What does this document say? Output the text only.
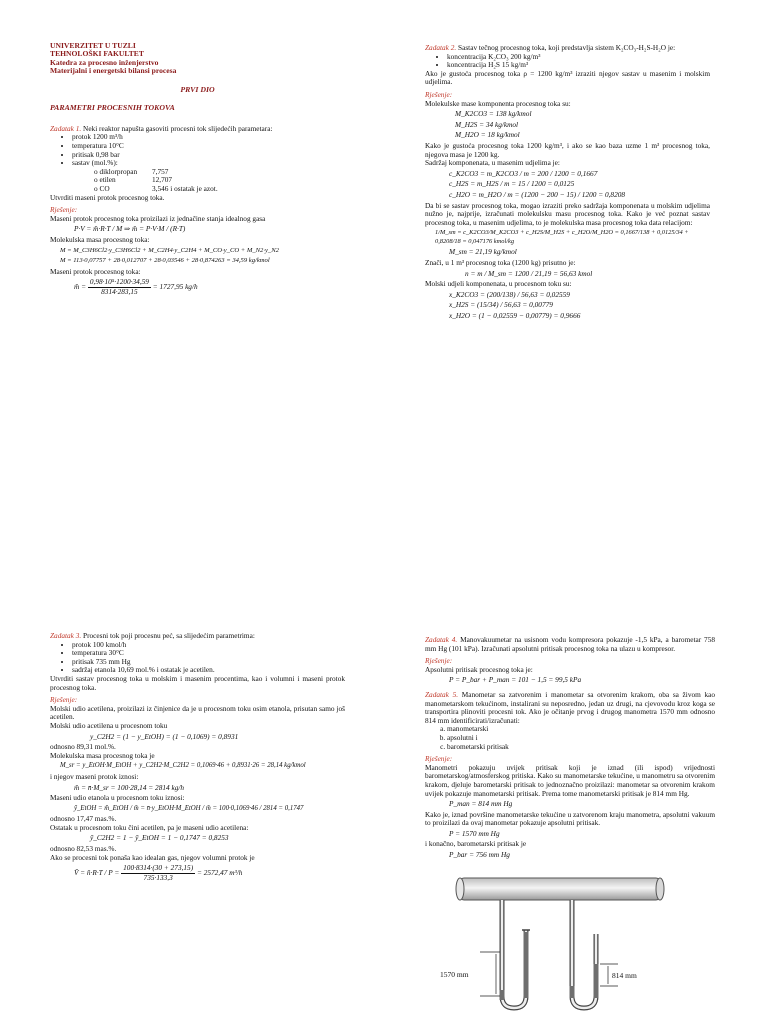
UNIVERZITET U TUZLI
TEHNOLOŠKI FAKULTET
Katedra za procesno inženjerstvo
Materijalni i energetski bilansi procesa
PRVI DIO
PARAMETRI PROCESNIH TOKOVA
Zadatak 1. Neki reaktor napušta gasoviti procesni tok slijedećih parametara:
• protok 1200 m³/h
• temperatura 10°C
• pritisak 0,98 bar
• sastav (mol.%):
o diklorpropan	7,757
o etilen	12,707
o CO	3,546 i ostatak je azot.
Utvrditi maseni protok procesnog toka.
Rješenje:
Maseni protok procesnog toka proizilazi iz jednačine stanja idealnog gasa
P·V = m̄·R·T / M ⇒ m̄ = P·V·M / (R·T)
Molekulska masa procesnog toka:
M = M_C3H6Cl2·y_C3H6Cl2 + M_C2H4·y_C2H4 + M_CO·y_CO + M_N2·y_N2
M = 113·0,07757 + 28·0,012707 + 28·0,03546 + 28·0,874263 = 34,59 kg/kmol
Maseni protok procesnog toka:
m̄ = $\frac{\text{0,98·10⁵·1200·34,59}}{8314\cdot 283,15} = 1727,95$ kg/h
Zadatak 2. Sastav tečnog procesnog toka, koji predstavlja sistem K₂CO₃-H₂S-H₂O je:
• koncentracija K₂CO₃ 200 kg/m³
• koncentracija H₂S 15 kg/m³
Ako je gustoća procesnog toka ρ = 1200 kg/m³ izraziti njegov sastav u masenim i molskim udjelima.
Rješenje:
Molekulske mase komponenta procesnog toka su:
M_K2CO3 = 138 kg/kmol
M_H2S = 34 kg/kmol
M_H2O = 18 kg/kmol
Kako je gustoća procesnog toka 1200 kg/m³, i ako se kao baza uzme 1 m³ procesnog toka, njegova masa je 1200 kg.
Sadržaj komponenata, u masenim udjelima je:
c_K2CO3 = m_K2CO3 / m = 200 / 1200 = 0,1667
c_H2S = m_H2S / m = 15 / 1200 = 0,0125
c_H2O = m_H2O / m = (1200 − 200 − 15) / 1200 = 0,8208
Da bi se sastav procesnog toka, mogao izraziti preko sadržaja komponenata u molskim udjelima nužno je, najprije, izračunati molekulsku masu procesnog toka. Kako je već poznat sastav procesnog toka, u masenim udjelima, to je molekulska masa procesnog toka data relacijom:
1/M_sm = c_K2CO3/M_K2CO3 + c_H2S/M_H2S + c_H2O/M_H2O = 0,1667/138 + 0,0125/34 + 0,8208/18 = 0,047176 kmol/kg
M_sm = 21,19 kg/kmol
Znači, u 1 m³ procesnog toka (1200 kg) prisutno je:
n = m / M_sm = 1200 / 21,19 = 56,63 kmol
Molski udjeli komponenata, u procesnom toku su:
x_K2CO3 = (200/138) / 56,63 = 0,02559
x_H2S = (15/34) / 56,63 = 0,00779
x_H2O = (1 − 0,02559 − 0,00779) = 0,9666
Zadatak 3. Procesni tok poji procesnu peć, sa slijedećim parametrima:
• protok 100 kmol/h
• temperatura 30°C
• pritisak 735 mm Hg
• sadržaj etanola 10,69 mol.% i ostatak je acetilen.
Utvrditi sastav procesnog toka u molskim i masenim procentima, kao i volumni i maseni protok procesnog toka.
Rješenje:
Molski udio acetilena, proizilazi iz činjenice da je u procesnom toku osim etanola, prisutan samo još acetilen.
Molski udio acetilena u procesnom toku
y_C2H2 = (1 − y_EtOH) = (1 − 0,1069) = 0,8931
odnosno 89,31 mol.%.
Molekulska masa procesnog toka je
M_sr = y_EtOH·M_EtOH + y_C2H2·M_C2H2 = 0,1069·46 + 0,8931·26 = 28,14 kg/kmol
i njegov maseni protok iznosi:
m̄ = n̄·M_sr = 100·28,14 = 2814 kg/h
Maseni udio etanola u procesnom toku iznosi:
ȳ_EtOH = m̄_EtOH / m̄ = n̄·y_EtOH·M_EtOH / m̄ = 100·0,1069·46 / 2814 = 0,1747
odnosno 17,47 mas.%.
Ostatak u procesnom toku čini acetilen, pa je maseni udio acetilena:
ȳ_C2H2 = 1 − ȳ_EtOH = 1 − 0,1747 = 0,8253
odnosno 82,53 mas.%.
Ako se procesni tok ponaša kao idealan gas, njegov volumni protok je
V̄ = n̄·R·T / $P = \frac{100\cdot 8314\cdot(30 + 273,15)}{735\cdot 133,3} = 2572,47$ m³/h
Zadatak 4. Manovakuumetar na usisnom vodu kompresora pokazuje -1,5 kPa, a barometar 758 mm Hg (101 kPa). Izračunati apsolutni pritisak procesnog toka na ulazu u kompresor.
Rješenje:
Apsolutni pritisak procesnog toka je:
P = P_bar + P_man = 101 − 1,5 = 99,5 kPa
Zadatak 5. Manometar sa zatvorenim i manometar sa otvorenim krakom, oba sa živom kao manometarskom tekućinom, instalirani su neposredno, jedan uz drugi, na cjevovodu kroz koga se transportira plinoviti procesni tok. Ako je očitanje prvog i drugog manometra 1570 mm odnosno 814 mm identificirati/izračunati:
a. manometarski
b. apsolutni i
c. barometarski pritisak
Rješenje:
Manometri pokazuju uvijek pritisak koji je iznad (ili ispod) vrijednosti barometarskog/atmosferskog pritiska. Kako su manometarske tekućine, u manometru sa otvorenim krakom, djeluje barometarski pritisak to jednoznačno proizilazi: manometar sa otvorenim krakom uvijek pokazuje manometarski pritisak. Prema tome manometarski pritisak je 814 mm Hg.
P_man = 814 mm Hg
Kako je, iznad površine manometarske tekućine u zatvorenom kraju manometra, apsolutni vakuum to proizilazi da ovaj manometar pokazuje apsolutni pritisak.
P = 1570 mm Hg
i konačno, barometarski pritisak je
P_bar = 756 mm Hg
1570 mm	814 mm
